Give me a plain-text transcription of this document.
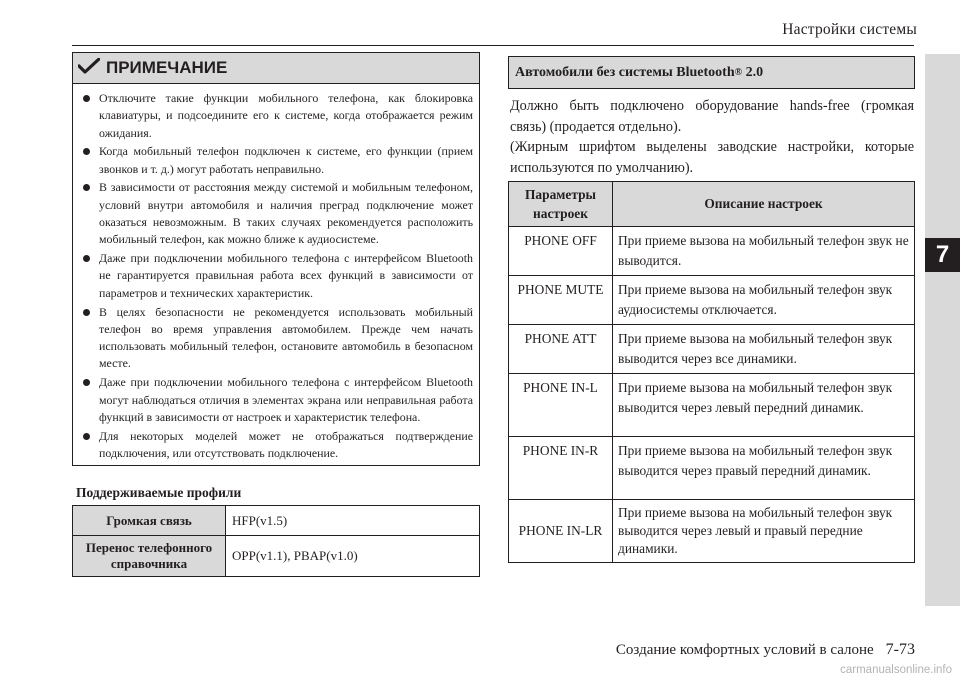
Настройки системы
7
ПРИМЕЧАНИЕ
Отключите такие функции мобильного телефона, как блокировка клавиатуры, и подсоедините его к системе, когда отображается режим ожидания.
Когда мобильный телефон подключен к системе, его функции (прием звонков и т. д.) могут работать неправильно.
В зависимости от расстояния между системой и мобильным телефоном, условий внутри автомобиля и наличия преград подключение может оказаться невозможным. В таких случаях рекомендуется расположить мобильный телефон, как можно ближе к аудиосистеме.
Даже при подключении мобильного телефона с интерфейсом Bluetooth не гарантируется правильная работа всех функций в зависимости от параметров и технических характеристик.
В целях безопасности не рекомендуется использовать мобильный телефон во время управления автомобилем. Прежде чем начать использовать мобильный телефон, остановите автомобиль в безопасном месте.
Даже при подключении мобильного телефона с интерфейсом Bluetooth могут наблюдаться отличия в элементах экрана или неправильная работа функций в зависимости от настроек и характеристик телефона.
Для некоторых моделей может не отображаться подтверждение подключения, или отсутствовать подключение.
Поддерживаемые профили
Громкая связь	HFP(v1.5)
Перенос телефонного справочника	OPP(v1.1), PBAP(v1.0)
Автомобили без системы Bluetooth ® 2.0

Должно быть подключено оборудование hands-free (громкая связь) (продается отдельно).

(Жирным шрифтом выделены заводские настройки, которые используются по умолчанию).

Параметры настроек	Описание настроек
PHONE OFF	При приеме вызова на мобильный телефон звук не выводится.
PHONE MUTE	При приеме вызова на мобильный телефон звук аудиосистемы отключается.
PHONE ATT	При приеме вызова на мобильный телефон звук выводится через все динамики.
PHONE IN-L	При приеме вызова на мобильный телефон звук выводится через левый передний динамик.
PHONE IN-R	При приеме вызова на мобильный телефон звук выводится через правый передний динамик.
PHONE IN-LR	При приеме вызова на мобильный телефон звук выводится через левый и правый передние динамики.
Создание комфортных условий в салоне 7-73
carmanualsonline.info
